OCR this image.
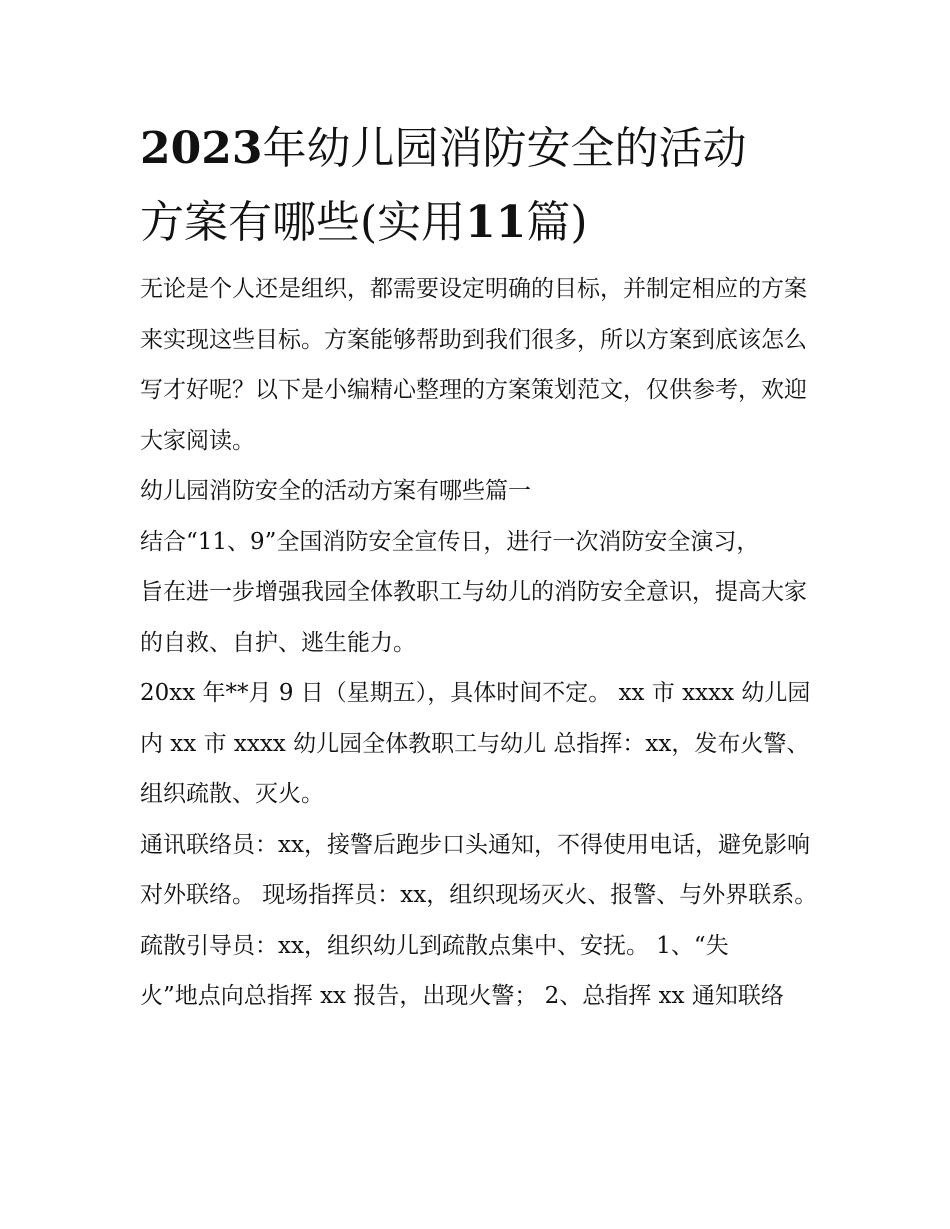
2023年幼儿园消防安全的活动
方案有哪些(实用11篇)

无论是个人还是组织，都需要设定明确的目标，并制定相应的方案来实现这些目标。方案能够帮助到我们很多，所以方案到底该怎么写才好呢？以下是小编精心整理的方案策划范文，仅供参考，欢迎大家阅读。

幼儿园消防安全的活动方案有哪些篇一

结合“11、9”全国消防安全宣传日，进行一次消防安全演习，
旨在进一步增强我园全体教职工与幼儿的消防安全意识，提高大家的自救、自护、逃生能力。

20xx 年**月 9 日（星期五），具体时间不定。 xx 市 xxxx 幼儿园内 xx 市 xxxx 幼儿园全体教职工与幼儿 总指挥：xx，发布火警、组织疏散、灭火。

通讯联络员：xx，接警后跑步口头通知，不得使用电话，避免影响对外联络。 现场指挥员：xx，组织现场灭火、报警、与外界联系。

疏散引导员：xx，组织幼儿到疏散点集中、安抚。 1、“失
火”地点向总指挥 xx 报告，出现火警； 2、总指挥 xx 通知联络
